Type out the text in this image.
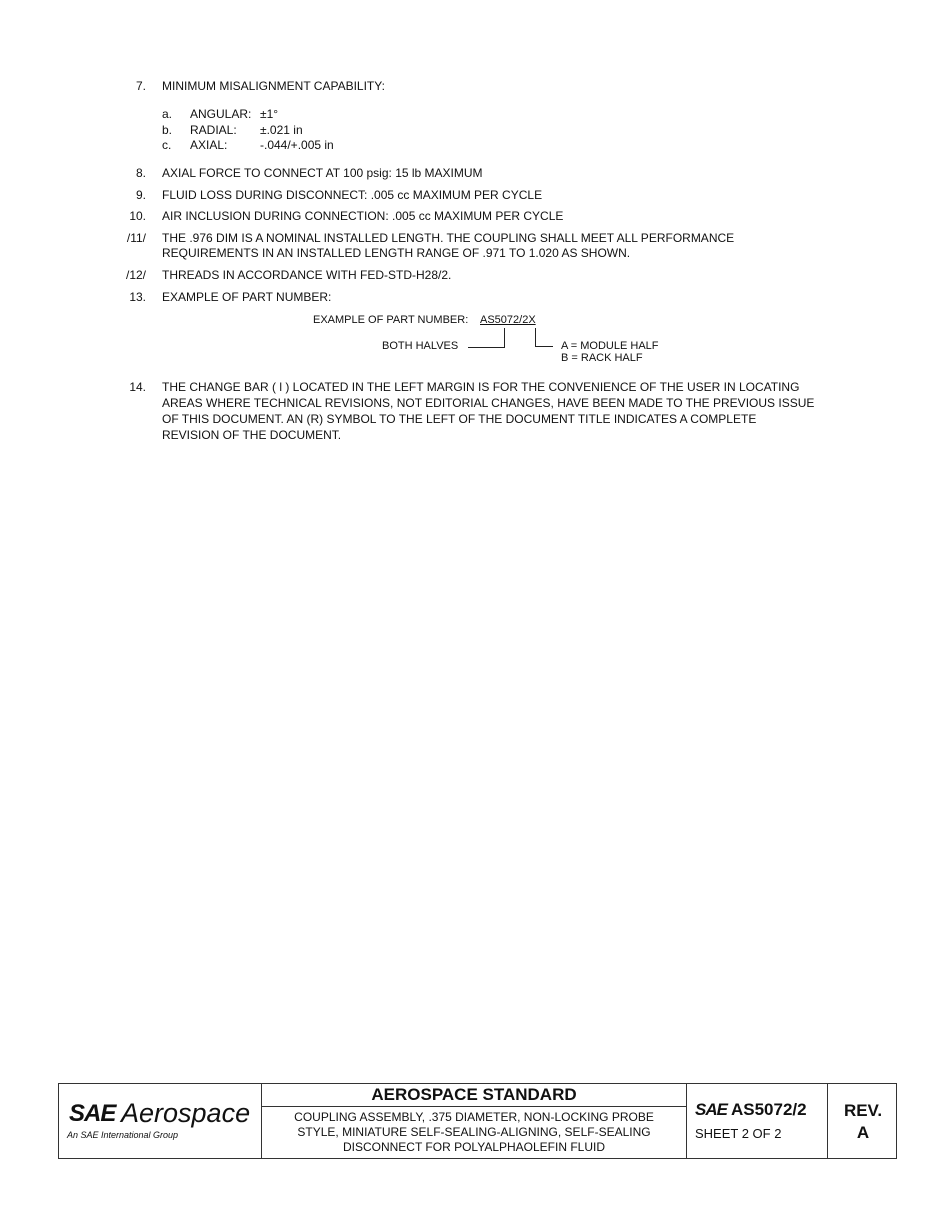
7. MINIMUM MISALIGNMENT CAPABILITY:
a. ANGULAR: ±1°
b. RADIAL: ±.021 in
c. AXIAL:	-.044/+.005 in
8. AXIAL FORCE TO CONNECT AT 100 psig: 15 lb MAXIMUM
9. FLUID LOSS DURING DISCONNECT: .005 cc MAXIMUM PER CYCLE
10. AIR INCLUSION DURING CONNECTION: .005 cc MAXIMUM PER CYCLE
/11/ THE .976 DIM IS A NOMINAL INSTALLED LENGTH. THE COUPLING SHALL MEET ALL PERFORMANCE
REQUIREMENTS IN AN INSTALLED LENGTH RANGE OF .971 TO 1.020 AS SHOWN.
/12/ THREADS IN ACCORDANCE WITH FED-STD-H28/2.
13. EXAMPLE OF PART NUMBER:
EXAMPLE OF PART NUMBER: AS5072/2X
BOTH HALVES	A = MODULE HALF
B = RACK HALF
14. THE CHANGE BAR ( l ) LOCATED IN THE LEFT MARGIN IS FOR THE CONVENIENCE OF THE USER IN LOCATING
AREAS WHERE TECHNICAL REVISIONS, NOT EDITORIAL CHANGES, HAVE BEEN MADE TO THE PREVIOUS ISSUE
OF THIS DOCUMENT. AN (R) SYMBOL TO THE LEFT OF THE DOCUMENT TITLE INDICATES A COMPLETE
REVISION OF THE DOCUMENT.
SAE Aerospace
An SAE International Group
AEROSPACE STANDARD
COUPLING ASSEMBLY, .375 DIAMETER, NON-LOCKING PROBE
STYLE, MINIATURE SELF-SEALING-ALIGNING, SELF-SEALING
DISCONNECT FOR POLYALPHAOLEFIN FLUID
SAE AS5072/2
SHEET 2 OF 2
REV.
A
